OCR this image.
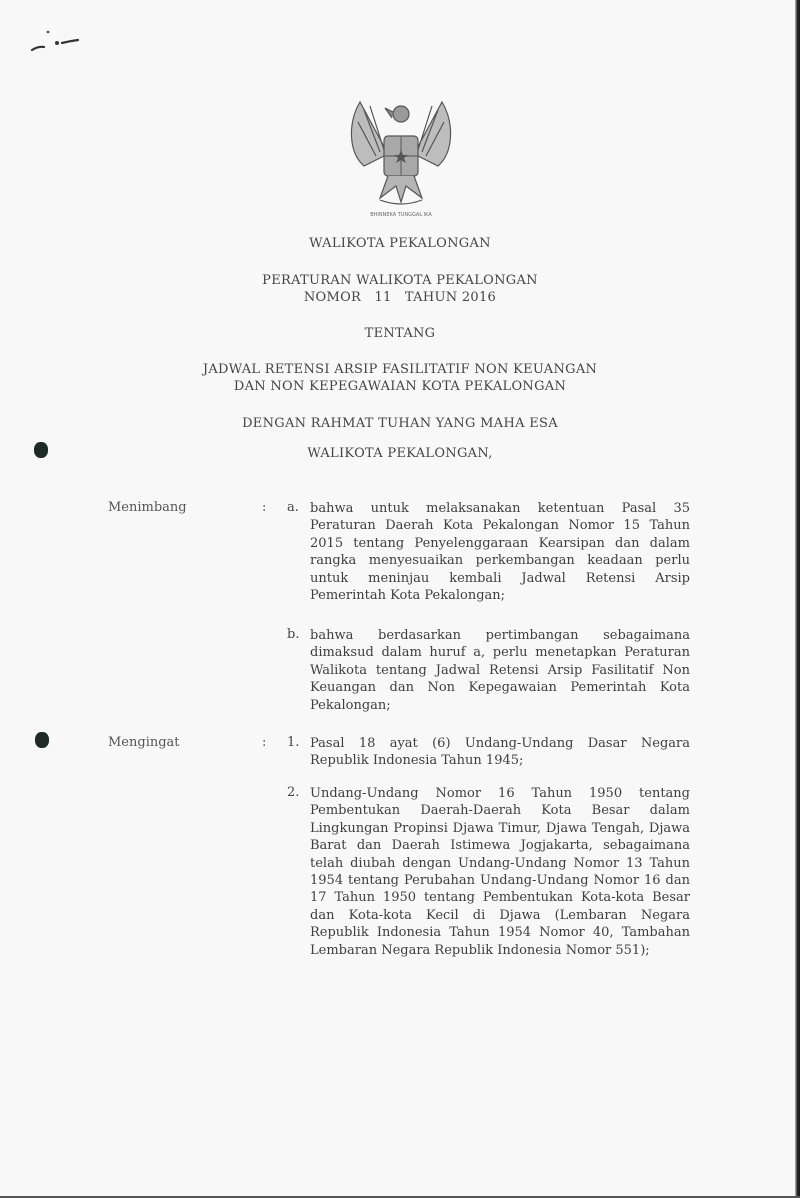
BHINNEKA TUNGGAL IKA
WALIKOTA PEKALONGAN
PERATURAN WALIKOTA PEKALONGAN
NOMOR   11   TAHUN 2016
TENTANG
JADWAL RETENSI ARSIP FASILITATIF NON KEUANGAN
DAN NON KEPEGAWAIAN KOTA PEKALONGAN
DENGAN RAHMAT TUHAN YANG MAHA ESA
WALIKOTA PEKALONGAN,
Menimbang	: a. bahwa untuk melaksanakan ketentuan Pasal 35 Peraturan Daerah Kota Pekalongan Nomor 15 Tahun 2015 tentang Penyelenggaraan Kearsipan dan dalam rangka menyesuaikan perkembangan keadaan perlu untuk meninjau kembali Jadwal Retensi Arsip Pemerintah Kota Pekalongan;
b. bahwa berdasarkan pertimbangan sebagaimana dimaksud dalam huruf a, perlu menetapkan Peraturan Walikota tentang Jadwal Retensi Arsip Fasilitatif Non Keuangan dan Non Kepegawaian Pemerintah Kota Pekalongan;
Mengingat	: 1. Pasal 18 ayat (6) Undang-Undang Dasar Negara Republik Indonesia Tahun 1945;
2. Undang-Undang Nomor 16 Tahun 1950 tentang Pembentukan Daerah-Daerah Kota Besar dalam Lingkungan Propinsi Djawa Timur, Djawa Tengah, Djawa Barat dan Daerah Istimewa Jogjakarta, sebagaimana telah diubah dengan Undang-Undang Nomor 13 Tahun 1954 tentang Perubahan Undang-Undang Nomor 16 dan 17 Tahun 1950 tentang Pembentukan Kota-kota Besar dan Kota-kota Kecil di Djawa (Lembaran Negara Republik Indonesia Tahun 1954 Nomor 40, Tambahan Lembaran Negara Republik Indonesia Nomor 551);
